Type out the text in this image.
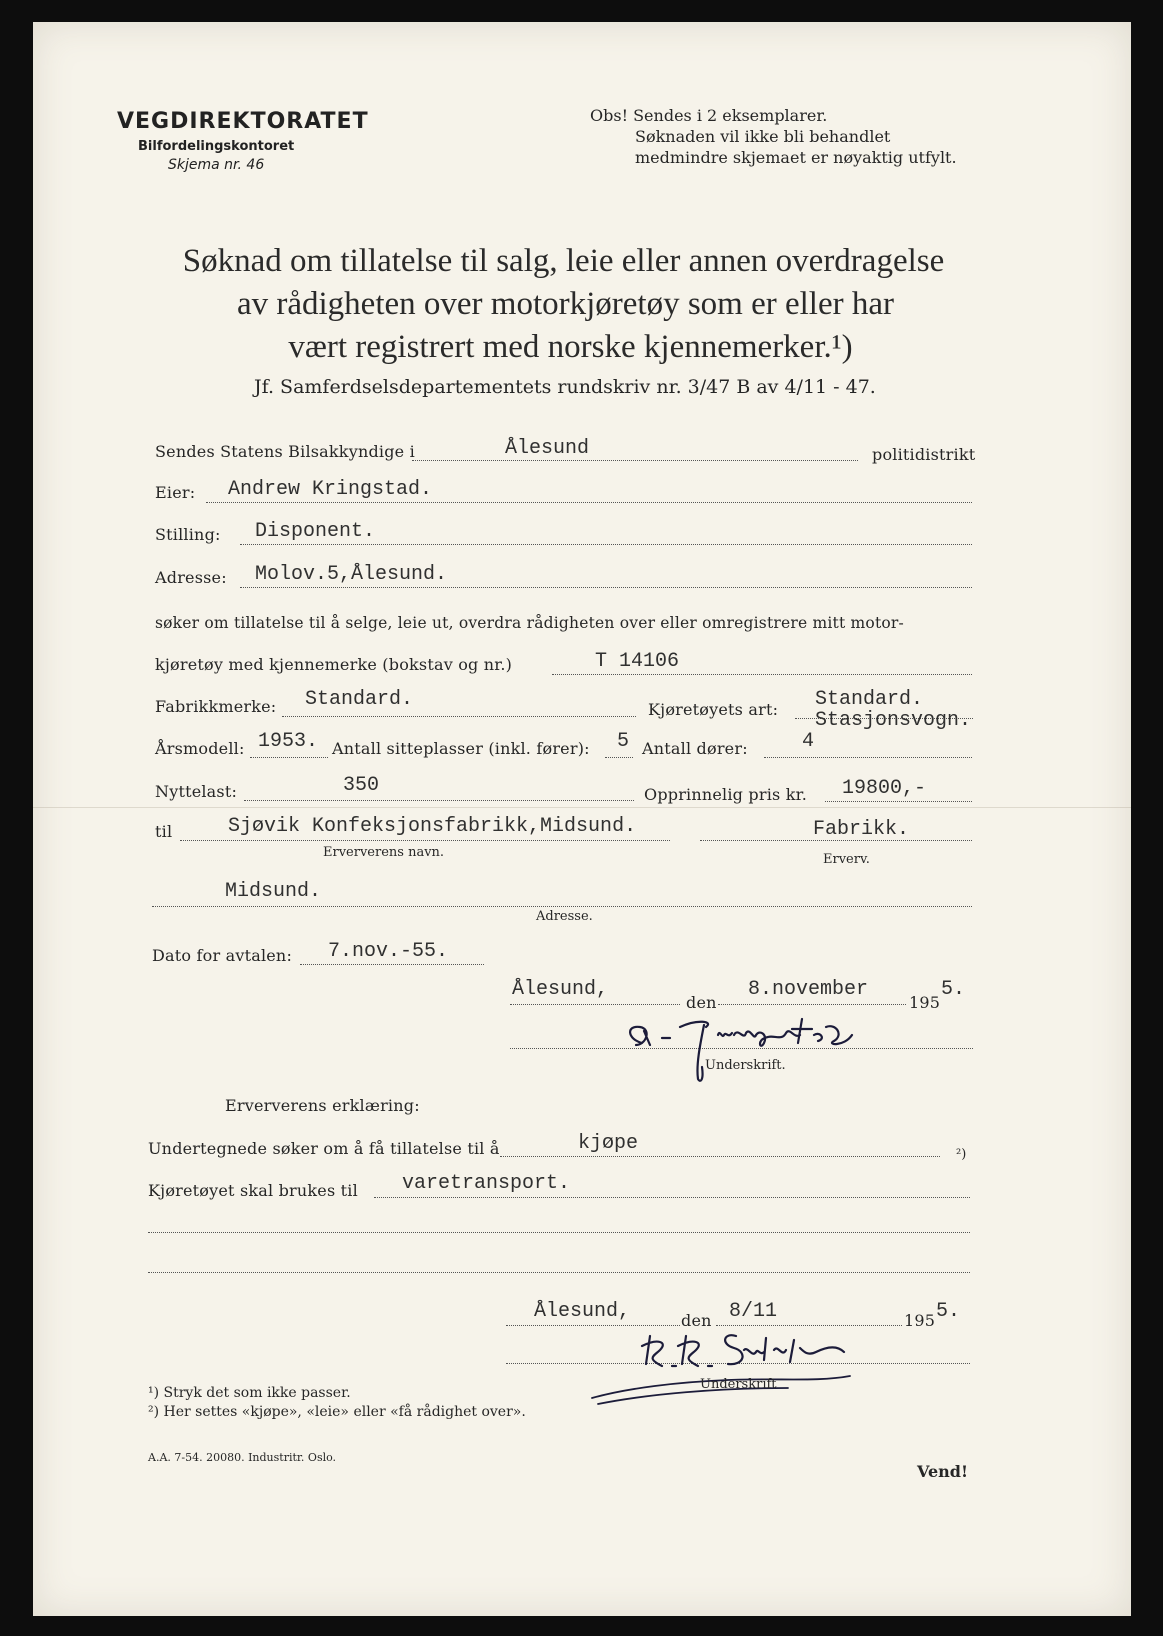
VEGDIREKTORATET
Bilfordelingskontoret
Skjema nr. 46
Obs! Sendes i 2 eksemplarer.
Søknaden vil ikke bli behandlet
medmindre skjemaet er nøyaktig utfylt.
Søknad om tillatelse til salg, leie eller annen overdragelse
av rådigheten over motorkjøretøy som er eller har
vært registrert med norske kjennemerker.¹)
Jf. Samferdselsdepartementets rundskriv nr. 3/47 B av 4/11 - 47.
Sendes Statens Bilsakkyndige i	Ålesund	politidistrikt
Eier: Andrew Kringstad.
Stilling: Disponent.
Adresse: Molov.5,Ålesund.
søker om tillatelse til å selge, leie ut, overdra rådigheten over eller omregistrere mitt motor-
kjøretøy med kjennemerke (bokstav og nr.)	T 14106
Fabrikkmerke: Standard.	Kjøretøyets art: Standard.
Stasjonsvogn.
Årsmodell: 1953. Antall sitteplasser (inkl. fører): 5 Antall dører:	4
Nyttelast:	350	Opprinnelig pris kr. 19800,-
til	Sjøvik Konfeksjonsfabrikk,Midsund.
Erververens navn.
Fabrikk.
Erverv.
Midsund.
Adresse.
Dato for avtalen: 7.nov.-55.
Ålesund,
den
8.november
195
5.
Underskrift.
Erververens erklæring:
Undertegnede søker om å få tillatelse til å	kjøpe	²)
Kjøretøyet skal brukes til varetransport.
Ålesund,	den 8/11	195 5.
Underskrift
¹) Stryk det som ikke passer.
²) Her settes «kjøpe», «leie» eller «få rådighet over».
A.A. 7-54. 20080. Industritr. Oslo.
Vend!
